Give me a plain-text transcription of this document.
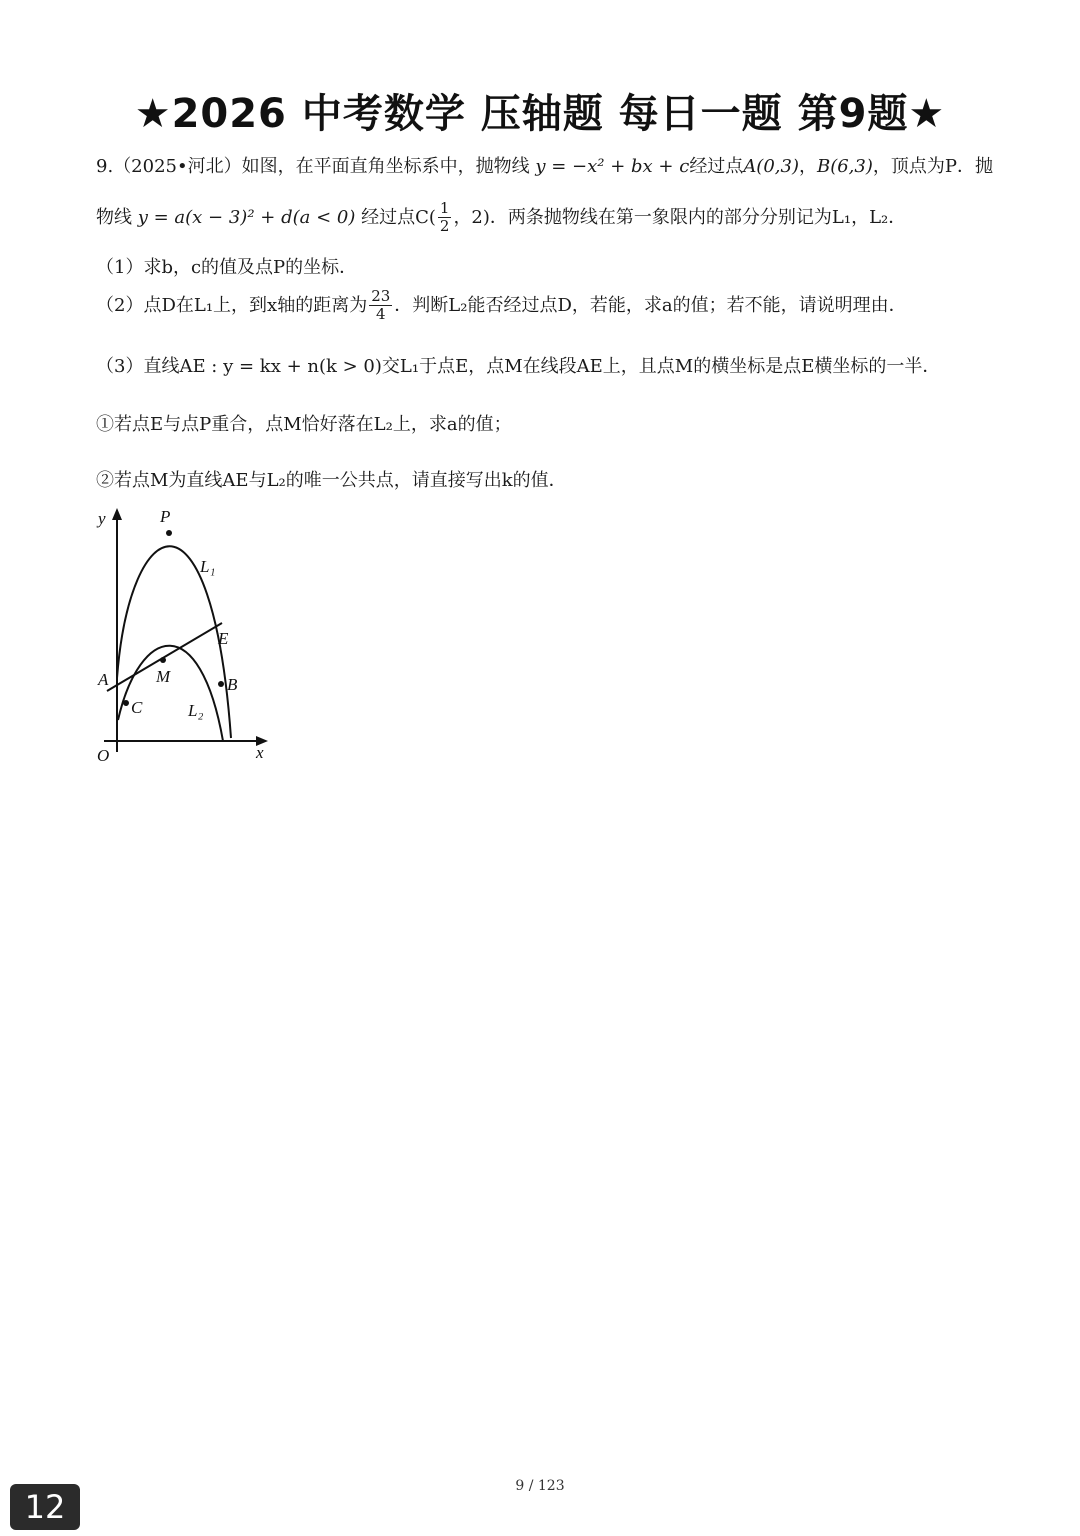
★2026 中考数学 压轴题 每日一题 第9题★
9.（2025•河北）如图，在平面直角坐标系中，抛物线 y = −x² + bx + c经过点A(0,3)，B(6,3)，顶点为P．抛
物线 y = a(x − 3)² + d(a < 0) 经过点$C( \frac{1}{2}$ ，2)．两条抛物线在第一象限内的部分分别记为L₁，L₂．
（1）求b，c的值及点P的坐标．
（2）点D在L₁上，到x轴的距离为 $\frac{23}{4}$ ．判断L₂能否经过点D，若能，求a的值；若不能，请说明理由．
（3）直线AE : y = kx + n(k > 0)交L₁于点E，点M在线段AE上，且点M的横坐标是点E横坐标的一半．
①若点E与点P重合，点M恰好落在L₂上，求a的值；
②若点M为直线AE与L₂的唯一公共点，请直接写出k的值．
y
x
O
P
L₁
E
A	M	B
C	L₂
9 / 123
12
